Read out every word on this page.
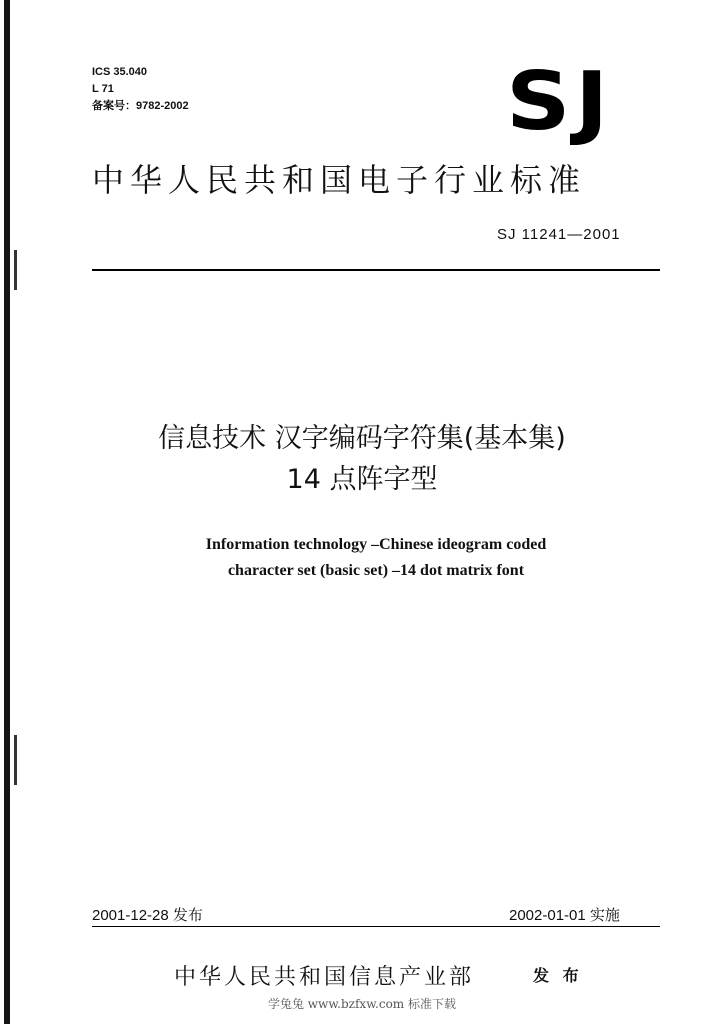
ICS 35.040
L 71
备案号：9782-2002	SJ
中华人民共和国电子行业标准
SJ 11241—2001
信息技术 汉字编码字符集(基本集)
14 点阵字型
Information technology –Chinese ideogram coded
character set (basic set) –14 dot matrix font
2001-12-28 发布	2002-01-01 实施
中华人民共和国信息产业部	发 布
学兔兔 www.bzfxw.com 标准下载
